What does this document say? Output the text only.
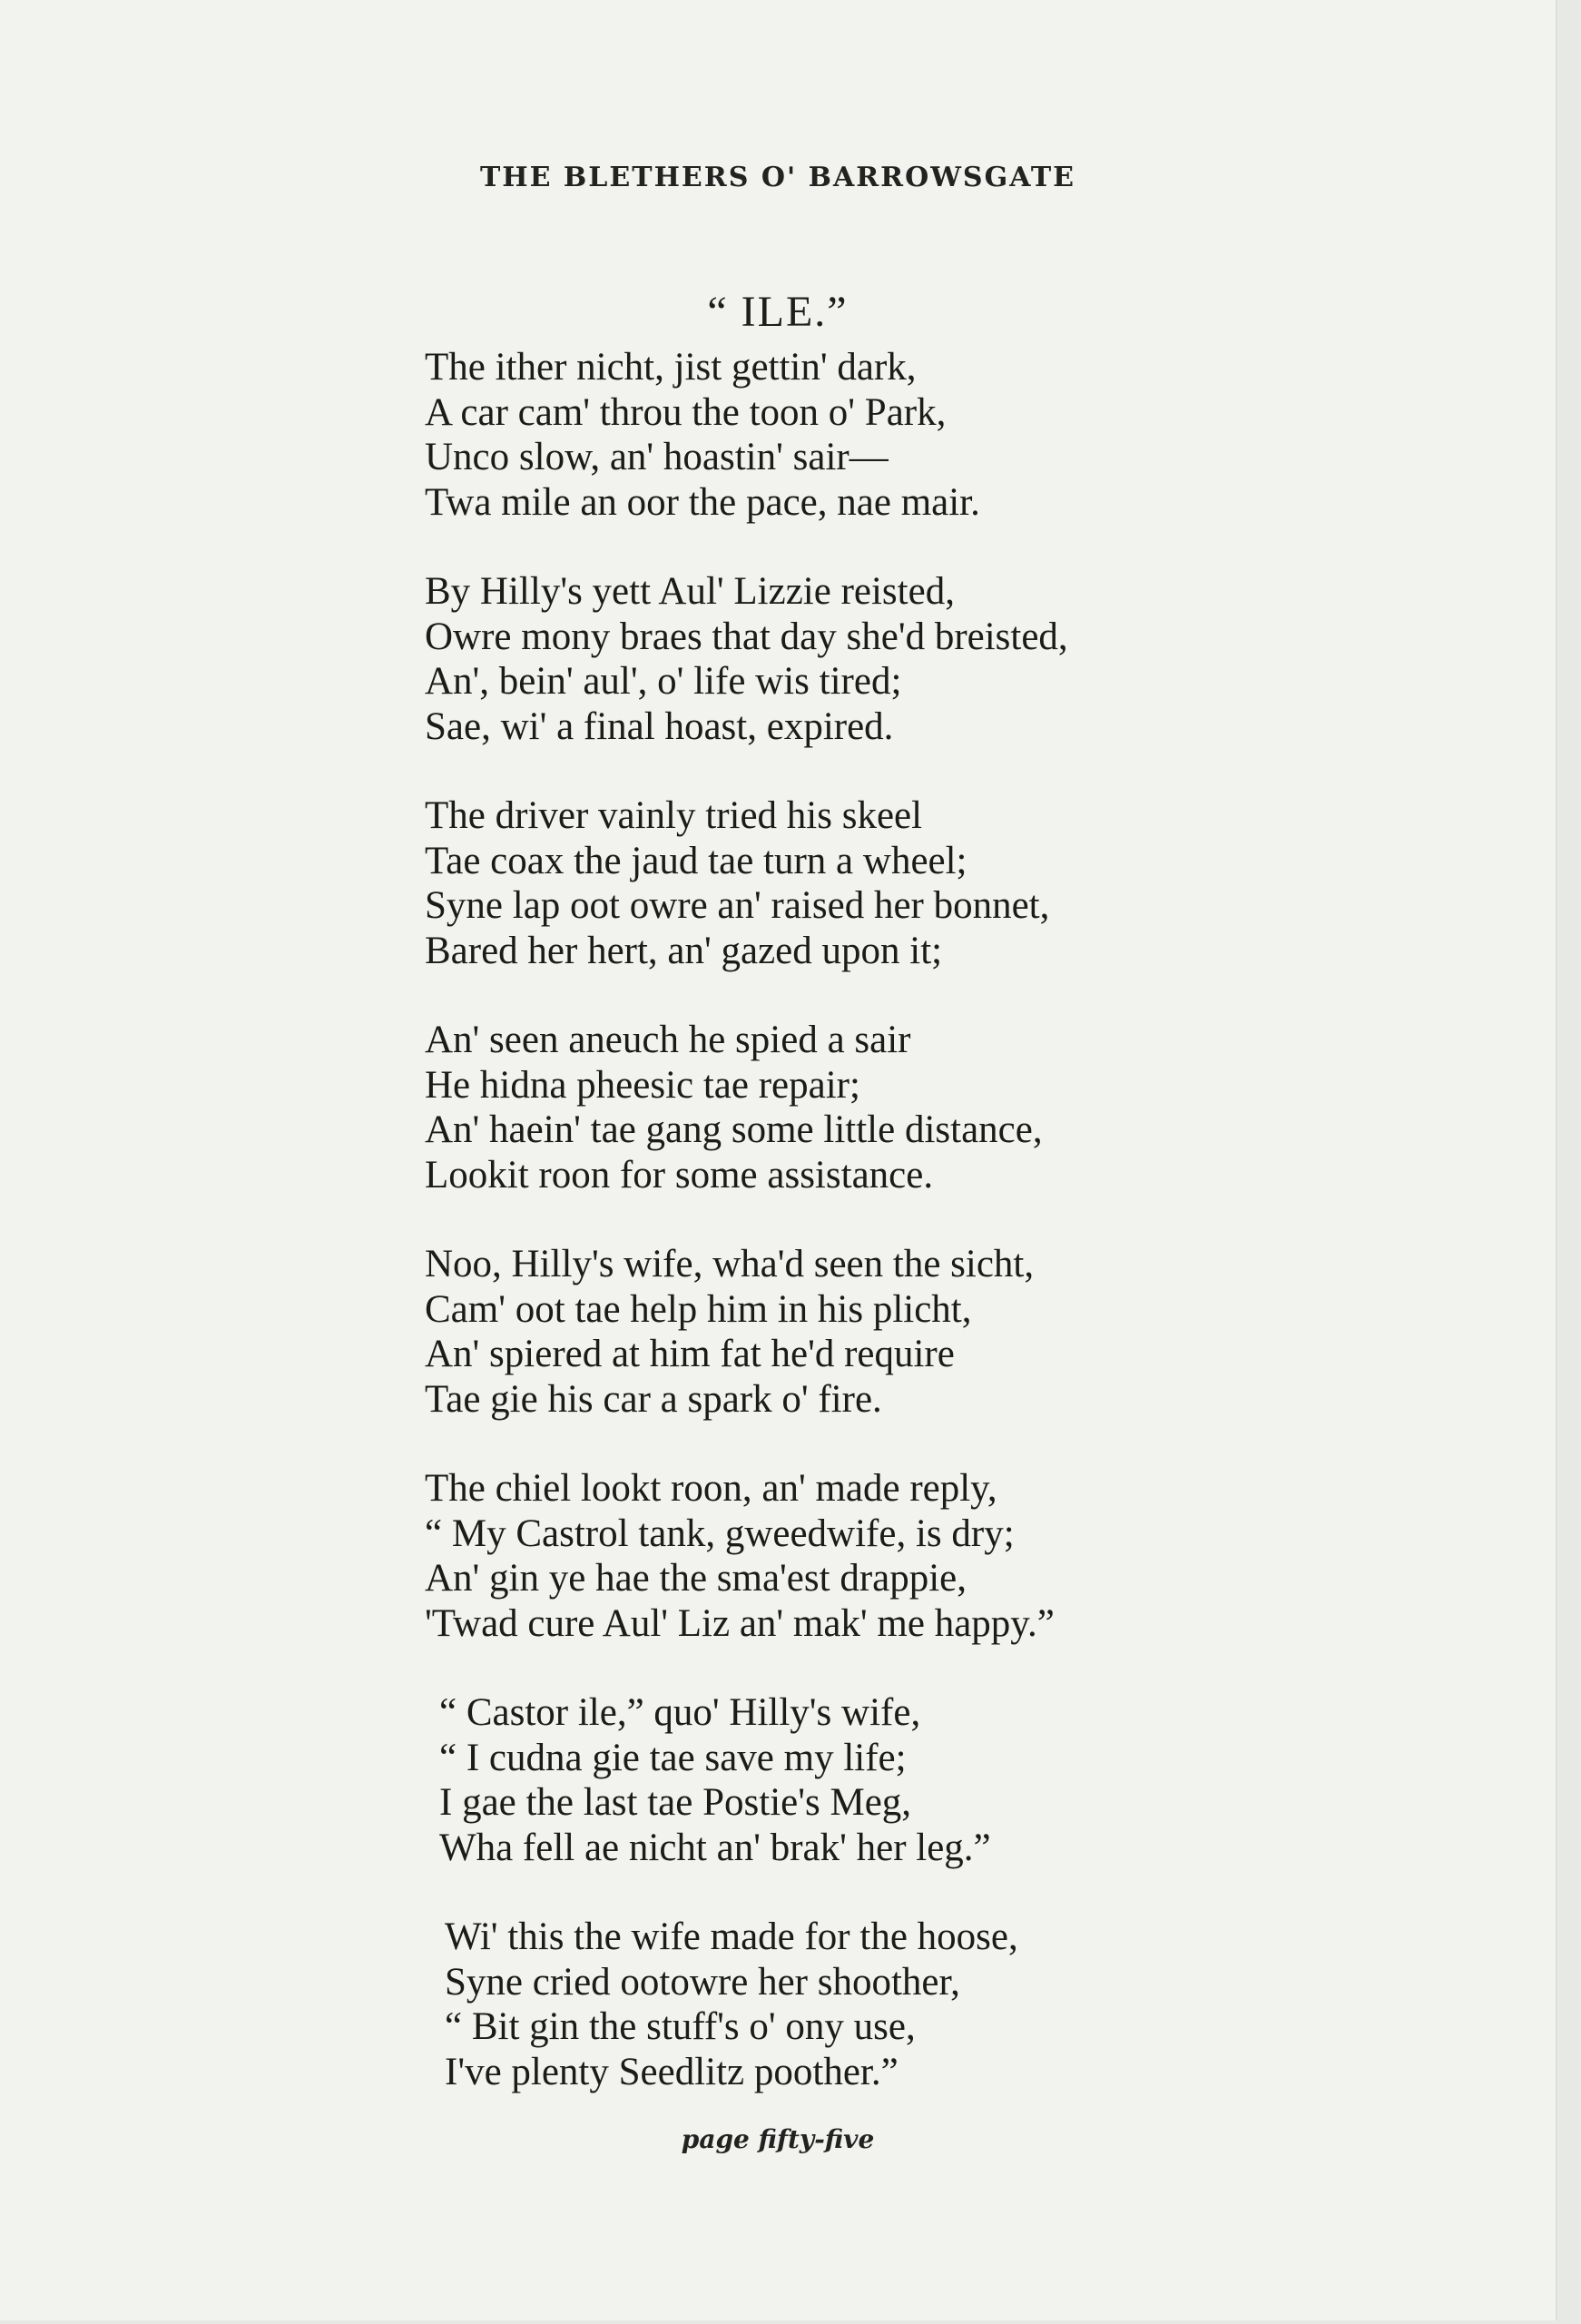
THE BLETHERS O' BARROWSGATE
“ ILE.”
The ither nicht, jist gettin' dark,
A car cam' throu the toon o' Park,
Unco slow, an' hoastin' sair—
Twa mile an oor the pace, nae mair.
By Hilly's yett Aul' Lizzie reisted,
Owre mony braes that day she'd breisted,
An', bein' aul', o' life wis tired;
Sae, wi' a final hoast, expired.
The driver vainly tried his skeel
Tae coax the jaud tae turn a wheel;
Syne lap oot owre an' raised her bonnet,
Bared her hert, an' gazed upon it;
An' seen aneuch he spied a sair
He hidna pheesic tae repair;
An' haein' tae gang some little distance,
Lookit roon for some assistance.
Noo, Hilly's wife, wha'd seen the sicht,
Cam' oot tae help him in his plicht,
An' spiered at him fat he'd require
Tae gie his car a spark o' fire.
The chiel lookt roon, an' made reply,
“ My Castrol tank, gweedwife, is dry;
An' gin ye hae the sma'est drappie,
'Twad cure Aul' Liz an' mak' me happy.”
“ Castor ile,” quo' Hilly's wife,
“ I cudna gie tae save my life;
I gae the last tae Postie's Meg,
Wha fell ae nicht an' brak' her leg.”
Wi' this the wife made for the hoose,
Syne cried ootowre her shoother,
“ Bit gin the stuff's o' ony use,
I've plenty Seedlitz poother.”
page fifty-five
